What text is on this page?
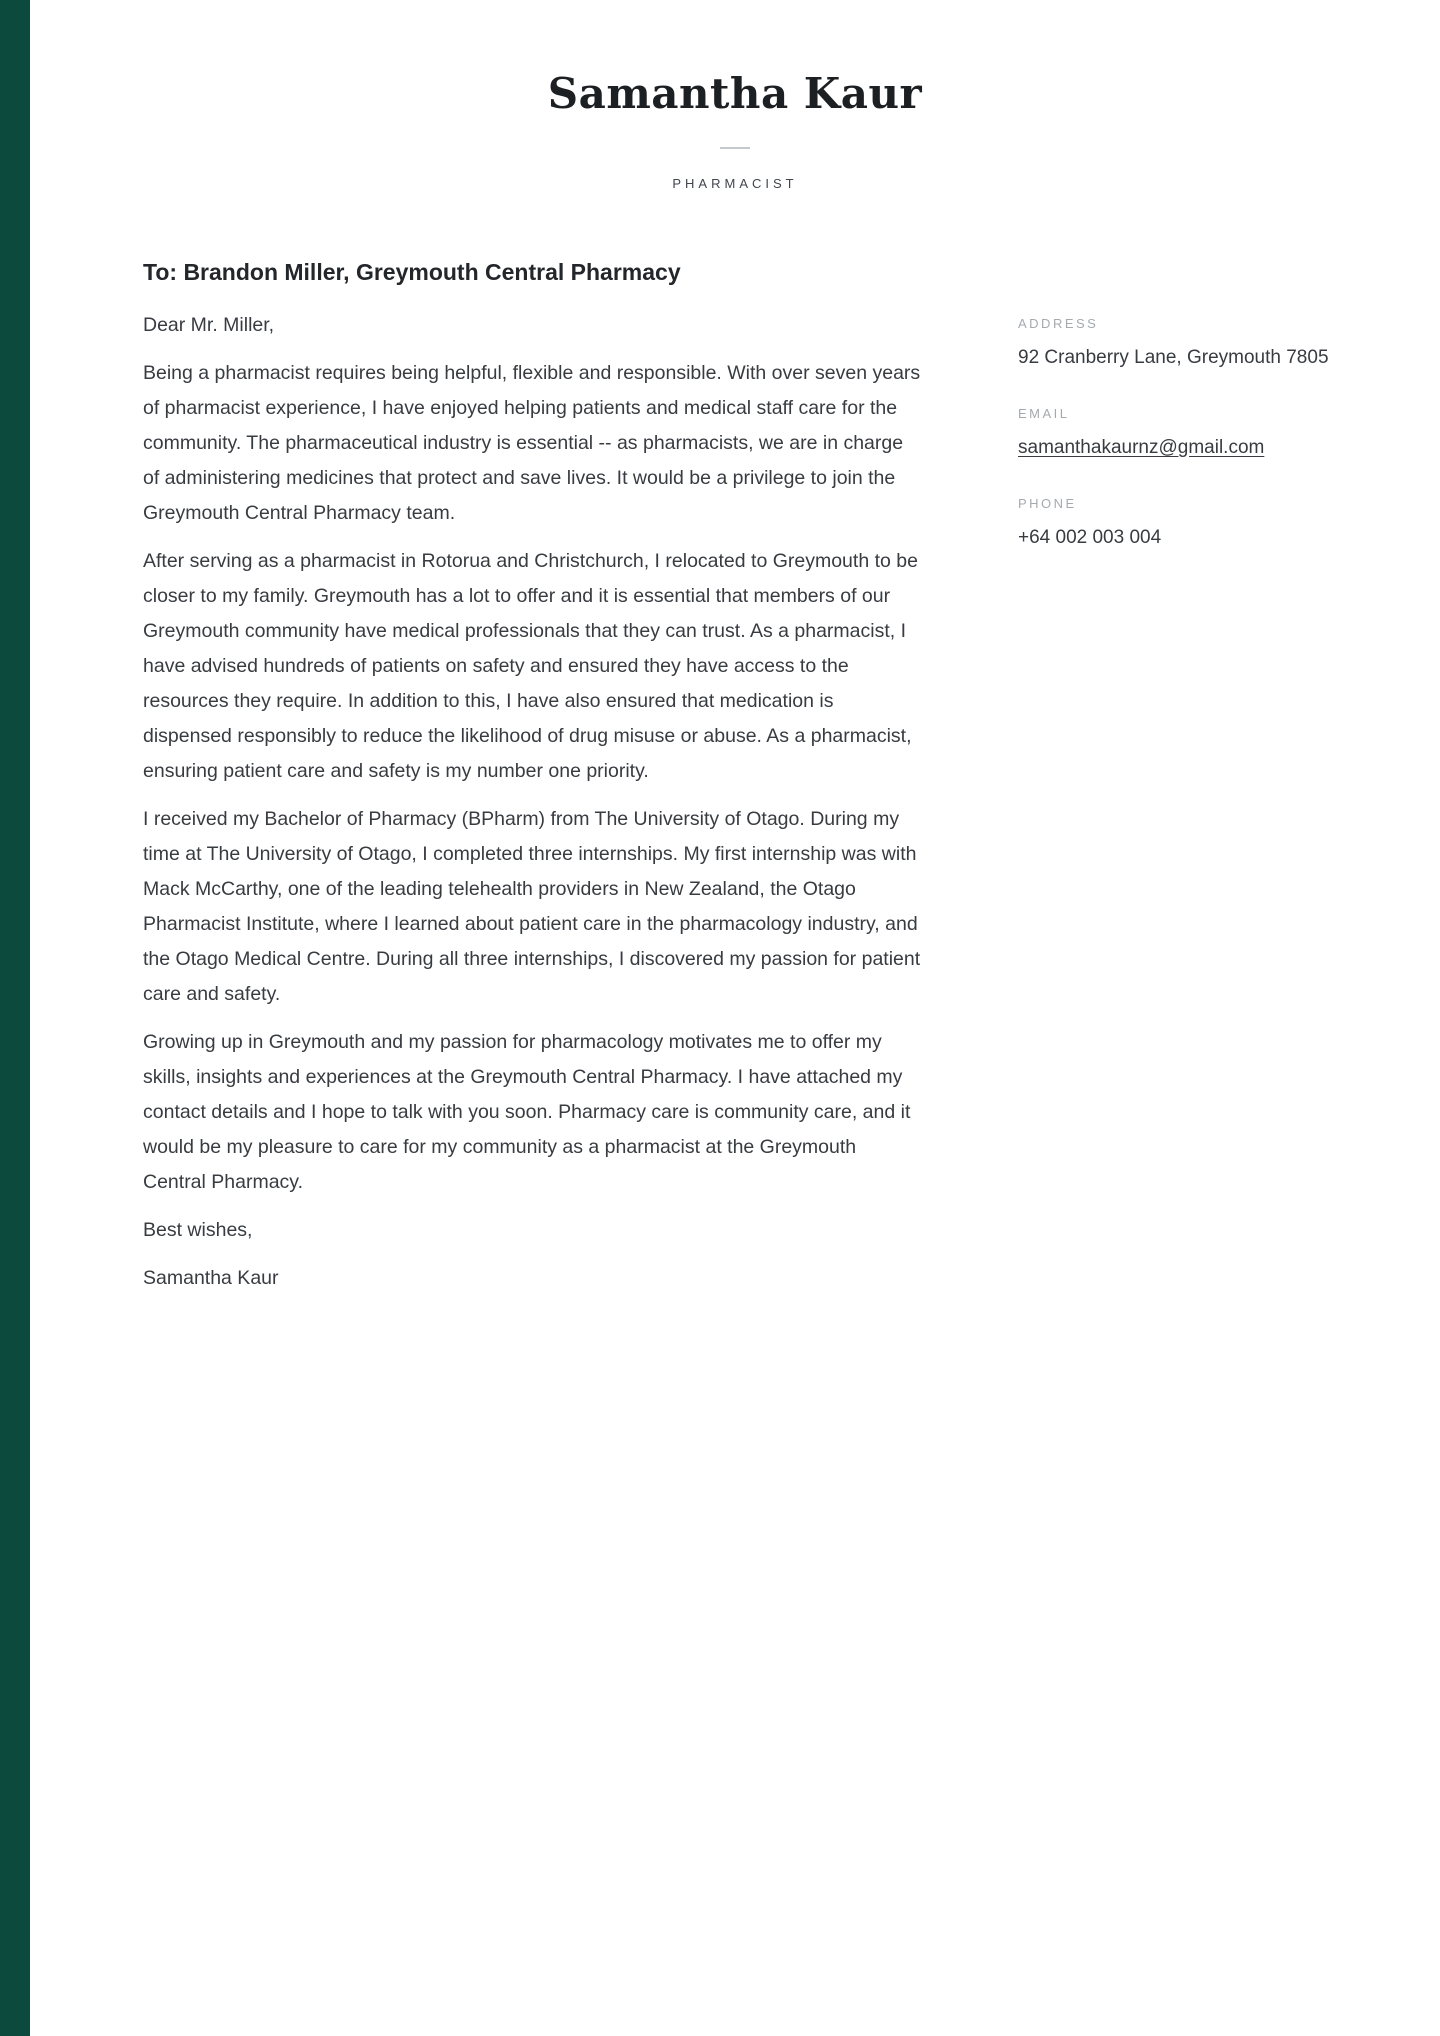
Samantha Kaur
PHARMACIST
To: Brandon Miller, Greymouth Central Pharmacy

Dear Mr. Miller,

Being a pharmacist requires being helpful, flexible and responsible. With over seven years of pharmacist experience, I have enjoyed helping patients and medical staff care for the community. The pharmaceutical industry is essential -- as pharmacists, we are in charge of administering medicines that protect and save lives. It would be a privilege to join the Greymouth Central Pharmacy team.

After serving as a pharmacist in Rotorua and Christchurch, I relocated to Greymouth to be closer to my family. Greymouth has a lot to offer and it is essential that members of our Greymouth community have medical professionals that they can trust. As a pharmacist, I have advised hundreds of patients on safety and ensured they have access to the resources they require. In addition to this, I have also ensured that medication is dispensed responsibly to reduce the likelihood of drug misuse or abuse. As a pharmacist, ensuring patient care and safety is my number one priority.

I received my Bachelor of Pharmacy (BPharm) from The University of Otago. During my time at The University of Otago, I completed three internships. My first internship was with Mack McCarthy, one of the leading telehealth providers in New Zealand, the Otago Pharmacist Institute, where I learned about patient care in the pharmacology industry, and the Otago Medical Centre. During all three internships, I discovered my passion for patient care and safety.

Growing up in Greymouth and my passion for pharmacology motivates me to offer my skills, insights and experiences at the Greymouth Central Pharmacy. I have attached my contact details and I hope to talk with you soon. Pharmacy care is community care, and it would be my pleasure to care for my community as a pharmacist at the Greymouth Central Pharmacy.

Best wishes,

Samantha Kaur

ADDRESS
92 Cranberry Lane, Greymouth 7805
EMAIL
samanthakaurnz@gmail.com
PHONE
+64 002 003 004
